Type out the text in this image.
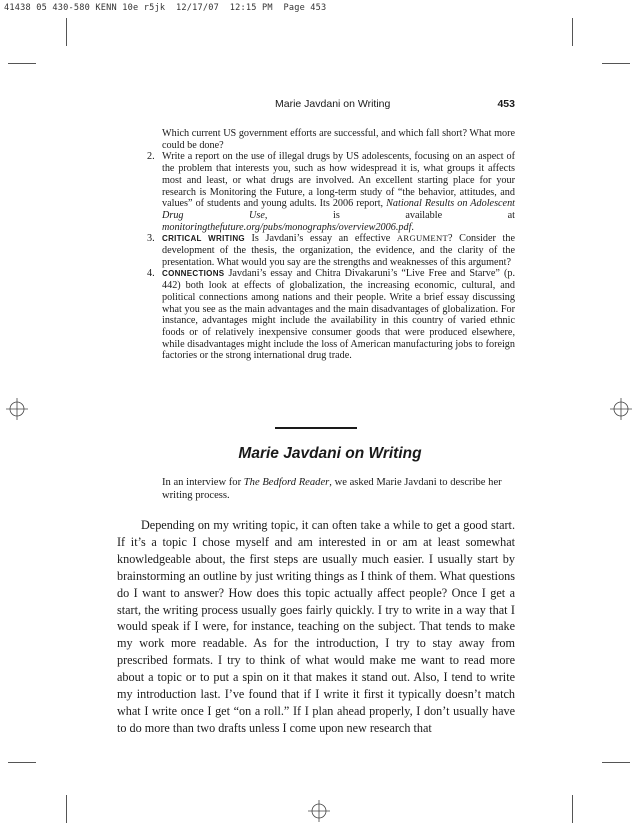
41438 05 430-580 KENN 10e r5jk  12/17/07  12:15 PM  Page 453
Marie Javdani on Writing	453
Which current US government efforts are successful, and which fall short? What more could be done?
2. Write a report on the use of illegal drugs by US adolescents, focusing on an aspect of the problem that interests you, such as how widespread it is, what groups it affects most and least, or what drugs are involved. An excellent starting place for your research is Monitoring the Future, a long-term study of “the behavior, attitudes, and values” of students and young adults. Its 2006 report, National Results on Adolescent Drug Use, is available at monitoringthefuture.org/pubs/monographs/overview2006.pdf.
3. CRITICAL WRITING Is Javdani’s essay an effective ARGUMENT? Consider the development of the thesis, the organization, the evidence, and the clarity of the presentation. What would you say are the strengths and weaknesses of this argument?
4. CONNECTIONS Javdani’s essay and Chitra Divakaruni’s “Live Free and Starve” (p. 442) both look at effects of globalization, the increasing economic, cultural, and political connections among nations and their people. Write a brief essay discussing what you see as the main advantages and the main disadvantages of globalization. For instance, advantages might include the availability in this country of varied ethnic foods or of relatively inexpensive consumer goods that were produced elsewhere, while disadvantages might include the loss of American manufacturing jobs to foreign factories or the strong international drug trade.
Marie Javdani on Writing
In an interview for The Bedford Reader, we asked Marie Javdani to describe her writing process.
Depending on my writing topic, it can often take a while to get a good start. If it’s a topic I chose myself and am interested in or am at least somewhat knowledgeable about, the first steps are usually much easier. I usually start by brainstorming an outline by just writing things as I think of them. What questions do I want to answer? How does this topic actually affect people? Once I get a start, the writing process usually goes fairly quickly. I try to write in a way that I would speak if I were, for instance, teaching on the subject. That tends to make my work more readable. As for the introduction, I try to stay away from prescribed formats. I try to think of what would make me want to read more about a topic or to put a spin on it that makes it stand out. Also, I tend to write my introduction last. I’ve found that if I write it first it typically doesn’t match what I write once I get “on a roll.” If I plan ahead properly, I don’t usually have to do more than two drafts unless I come upon new research that
